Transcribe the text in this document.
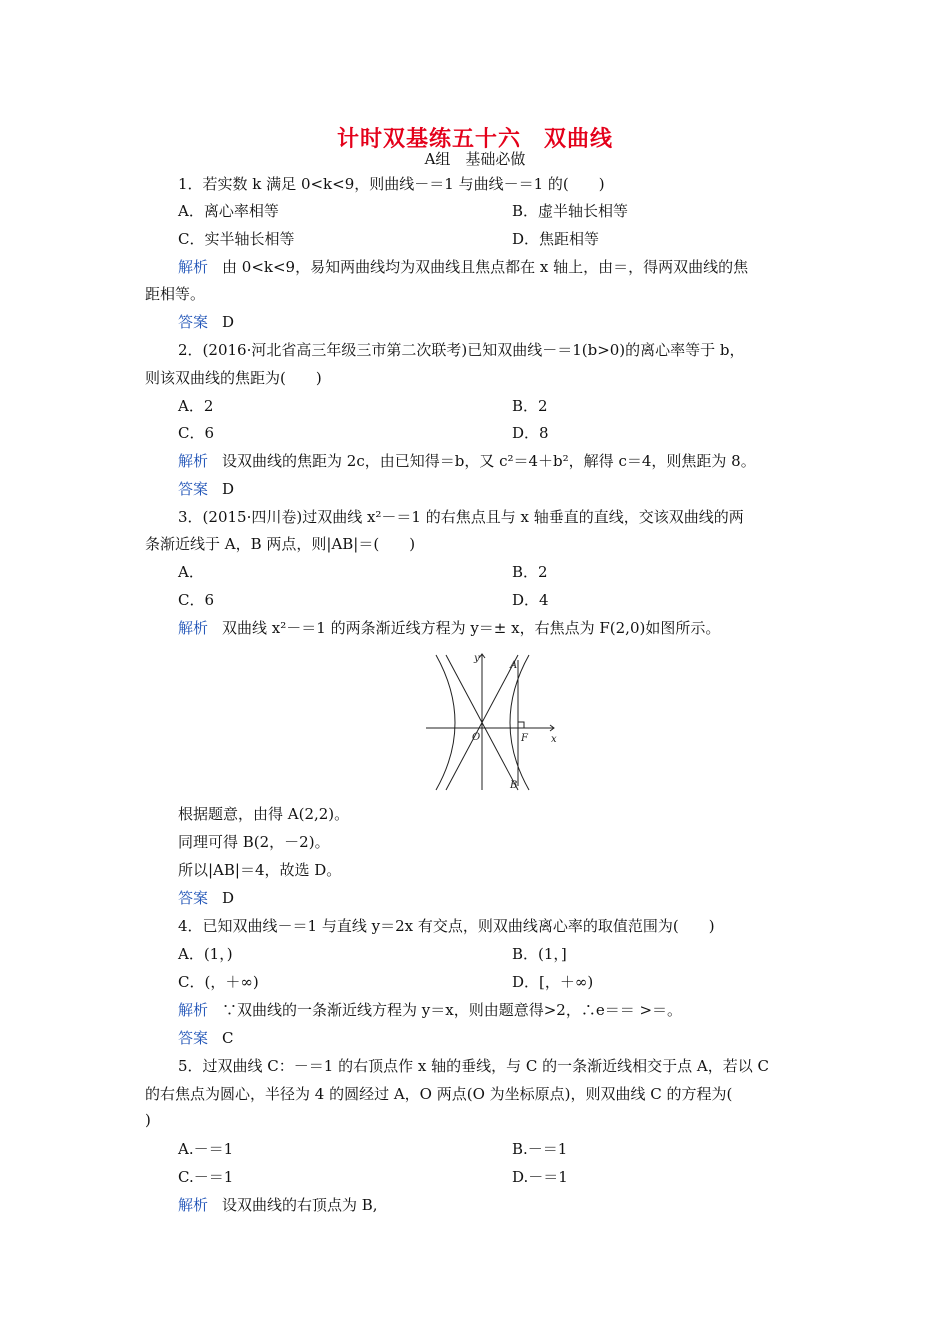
计时双基练五十六　双曲线
A组　基础必做
1．若实数 k 满足 0<k<9，则曲线－＝1 与曲线－＝1 的(　　)
A．离心率相等	B．虚半轴长相等
C．实半轴长相等	D．焦距相等
解析 由 0<k<9，易知两曲线均为双曲线且焦点都在 x 轴上，由＝，得两双曲线的焦
距相等。
答案 D
2．(2016·河北省高三年级三市第二次联考)已知双曲线－＝1(b>0)的离心率等于 b，
则该双曲线的焦距为(　　)
A．2	B．2
C．6	D．8
解析 设双曲线的焦距为 2c，由已知得＝b，又 c²＝4＋b²，解得 c＝4，则焦距为 8。
答案 D
3．(2015·四川卷)过双曲线 x²－＝1 的右焦点且与 x 轴垂直的直线，交该双曲线的两
条渐近线于 A，B 两点，则|AB|＝(　　)
A．	B．2
C．6	D．4
解析 双曲线 x²－＝1 的两条渐近线方程为 y＝± x，右焦点为 F(2,0)如图所示。
y
x
O	F
A
B
根据题意，由得 A(2,2)。
同理可得 B(2，－2)。
所以|AB|＝4，故选 D。
答案 D
4．已知双曲线－＝1 与直线 y＝2x 有交点，则双曲线离心率的取值范围为(　　)
A．(1，)	B．(1，]
C．(，＋∞)	D．[，＋∞)
解析 ∵双曲线的一条渐近线方程为 y＝x，则由题意得>2，∴e＝＝ >＝。
答案 C
5．过双曲线 C：－＝1 的右顶点作 x 轴的垂线，与 C 的一条渐近线相交于点 A，若以 C
的右焦点为圆心，半径为 4 的圆经过 A，O 两点(O 为坐标原点)，则双曲线 C 的方程为(
)
A.－＝1	B.－＝1
C.－＝1	D.－＝1
解析 设双曲线的右顶点为 B,
